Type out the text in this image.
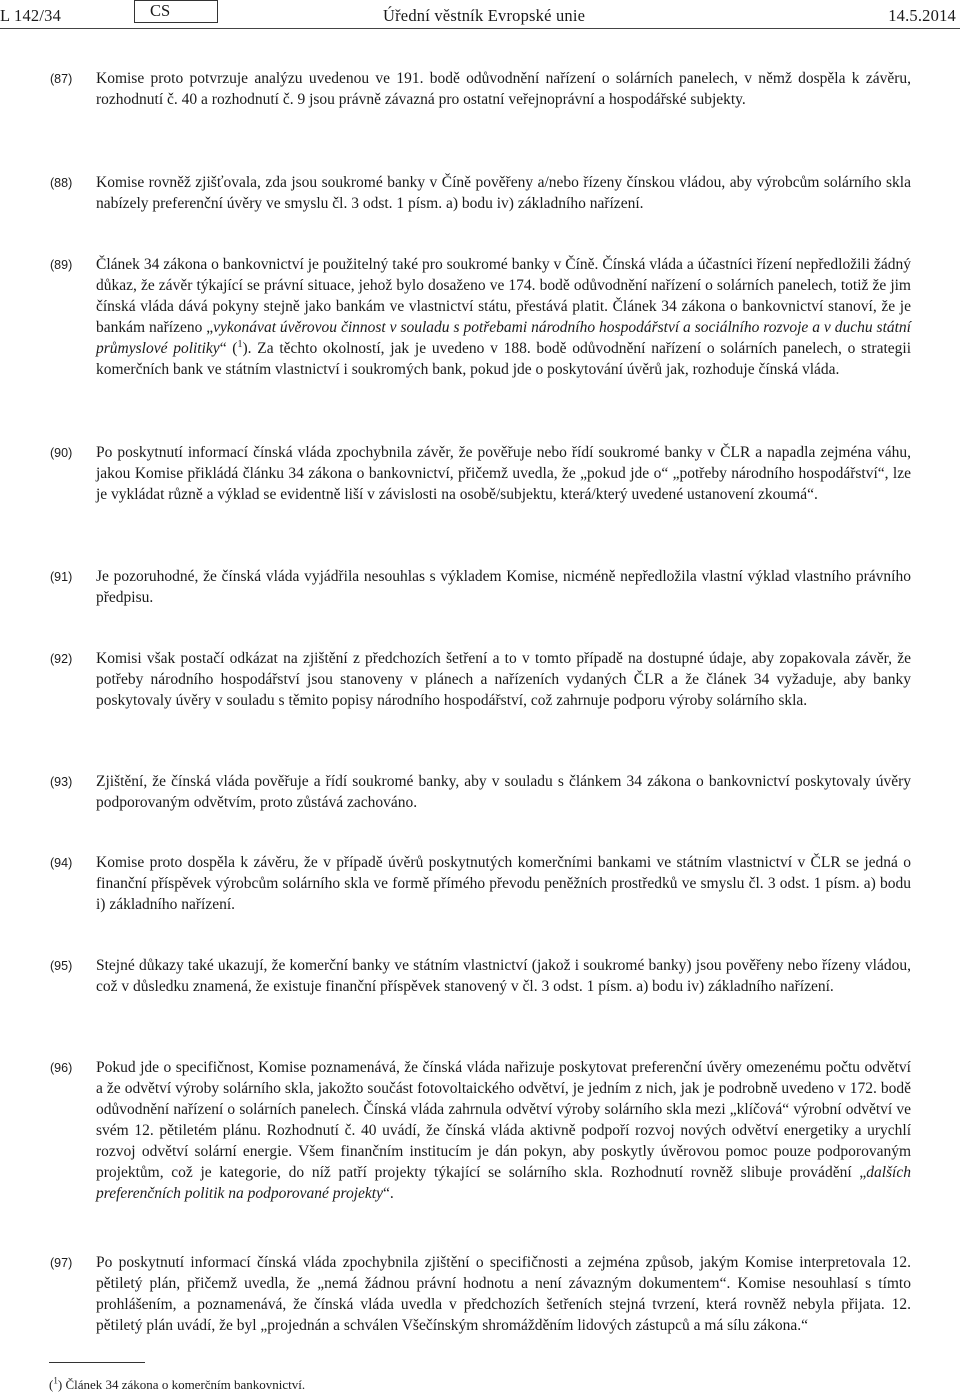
L 142/34	CS	Úřední věstník Evropské unie	14.5.2014
(87) Komise proto potvrzuje analýzu uvedenou ve 191. bodě odůvodnění nařízení o solárních panelech, v němž dospěla k závěru, rozhodnutí č. 40 a rozhodnutí č. 9 jsou právně závazná pro ostatní veřejnoprávní a hospodářské subjekty.
(88) Komise rovněž zjišťovala, zda jsou soukromé banky v Číně pověřeny a/nebo řízeny čínskou vládou, aby výrobcům solárního skla nabízely preferenční úvěry ve smyslu čl. 3 odst. 1 písm. a) bodu iv) základního nařízení.
(89) Článek 34 zákona o bankovnictví je použitelný také pro soukromé banky v Číně. Čínská vláda a účastníci řízení nepředložili žádný důkaz, že závěr týkající se právní situace, jehož bylo dosaženo ve 174. bodě odůvodnění nařízení o solárních panelech, totiž že jim čínská vláda dává pokyny stejně jako bankám ve vlastnictví státu, přestává platit. Článek 34 zákona o bankovnictví stanoví, že je bankám nařízeno „vykonávat úvěrovou činnost v souladu s potřebami národního hospodářství a sociálního rozvoje a v duchu státní průmyslové politiky“ ($^1$). Za těchto okolností, jak je uvedeno v 188. bodě odůvodnění nařízení o solárních panelech, o strategii komerčních bank ve státním vlastnictví i soukromých bank, pokud jde o poskytování úvěrů jak, rozhoduje čínská vláda.
(90) Po poskytnutí informací čínská vláda zpochybnila závěr, že pověřuje nebo řídí soukromé banky v ČLR a napadla zejména váhu, jakou Komise přikládá článku 34 zákona o bankovnictví, přičemž uvedla, že „pokud jde o“ „potřeby národního hospodářství“, lze je vykládat různě a výklad se evidentně liší v závislosti na osobě/subjektu, která/který uvedené ustanovení zkoumá“.
(91) Je pozoruhodné, že čínská vláda vyjádřila nesouhlas s výkladem Komise, nicméně nepředložila vlastní výklad vlastního právního předpisu.
(92) Komisi však postačí odkázat na zjištění z předchozích šetření a to v tomto případě na dostupné údaje, aby zopakovala závěr, že potřeby národního hospodářství jsou stanoveny v plánech a nařízeních vydaných ČLR a že článek 34 vyžaduje, aby banky poskytovaly úvěry v souladu s těmito popisy národního hospodářství, což zahrnuje podporu výroby solárního skla.
(93) Zjištění, že čínská vláda pověřuje a řídí soukromé banky, aby v souladu s článkem 34 zákona o bankovnictví poskytovaly úvěry podporovaným odvětvím, proto zůstává zachováno.
(94) Komise proto dospěla k závěru, že v případě úvěrů poskytnutých komerčními bankami ve státním vlastnictví v ČLR se jedná o finanční příspěvek výrobcům solárního skla ve formě přímého převodu peněžních prostředků ve smyslu čl. 3 odst. 1 písm. a) bodu i) základního nařízení.
(95) Stejné důkazy také ukazují, že komerční banky ve státním vlastnictví (jakož i soukromé banky) jsou pověřeny nebo řízeny vládou, což v důsledku znamená, že existuje finanční příspěvek stanovený v čl. 3 odst. 1 písm. a) bodu iv) základního nařízení.
(96) Pokud jde o specifičnost, Komise poznamenává, že čínská vláda nařizuje poskytovat preferenční úvěry omezenému počtu odvětví a že odvětví výroby solárního skla, jakožto součást fotovoltaického odvětví, je jedním z nich, jak je podrobně uvedeno v 172. bodě odůvodnění nařízení o solárních panelech. Čínská vláda zahrnula odvětví výroby solárního skla mezi „klíčová“ výrobní odvětví ve svém 12. pětiletém plánu. Rozhodnutí č. 40 uvádí, že čínská vláda aktivně podpoří rozvoj nových odvětví energetiky a urychlí rozvoj odvětví solární energie. Všem finančním institucím je dán pokyn, aby poskytly úvěrovou pomoc pouze podporovaným projektům, což je kategorie, do níž patří projekty týkající se solárního skla. Rozhodnutí rovněž slibuje provádění „dalších preferenčních politik na podporované projekty“.
(97) Po poskytnutí informací čínská vláda zpochybnila zjištění o specifičnosti a zejména způsob, jakým Komise interpretovala 12. pětiletý plán, přičemž uvedla, že „nemá žádnou právní hodnotu a není závazným dokumentem“. Komise nesouhlasí s tímto prohlášením, a poznamenává, že čínská vláda uvedla v předchozích šetřeních stejná tvrzení, která rovněž nebyla přijata. 12. pětiletý plán uvádí, že byl „projednán a schválen Všečínským shromážděním lidových zástupců a má sílu zákona.“
($^1$) Článek 34 zákona o komerčním bankovnictví.
